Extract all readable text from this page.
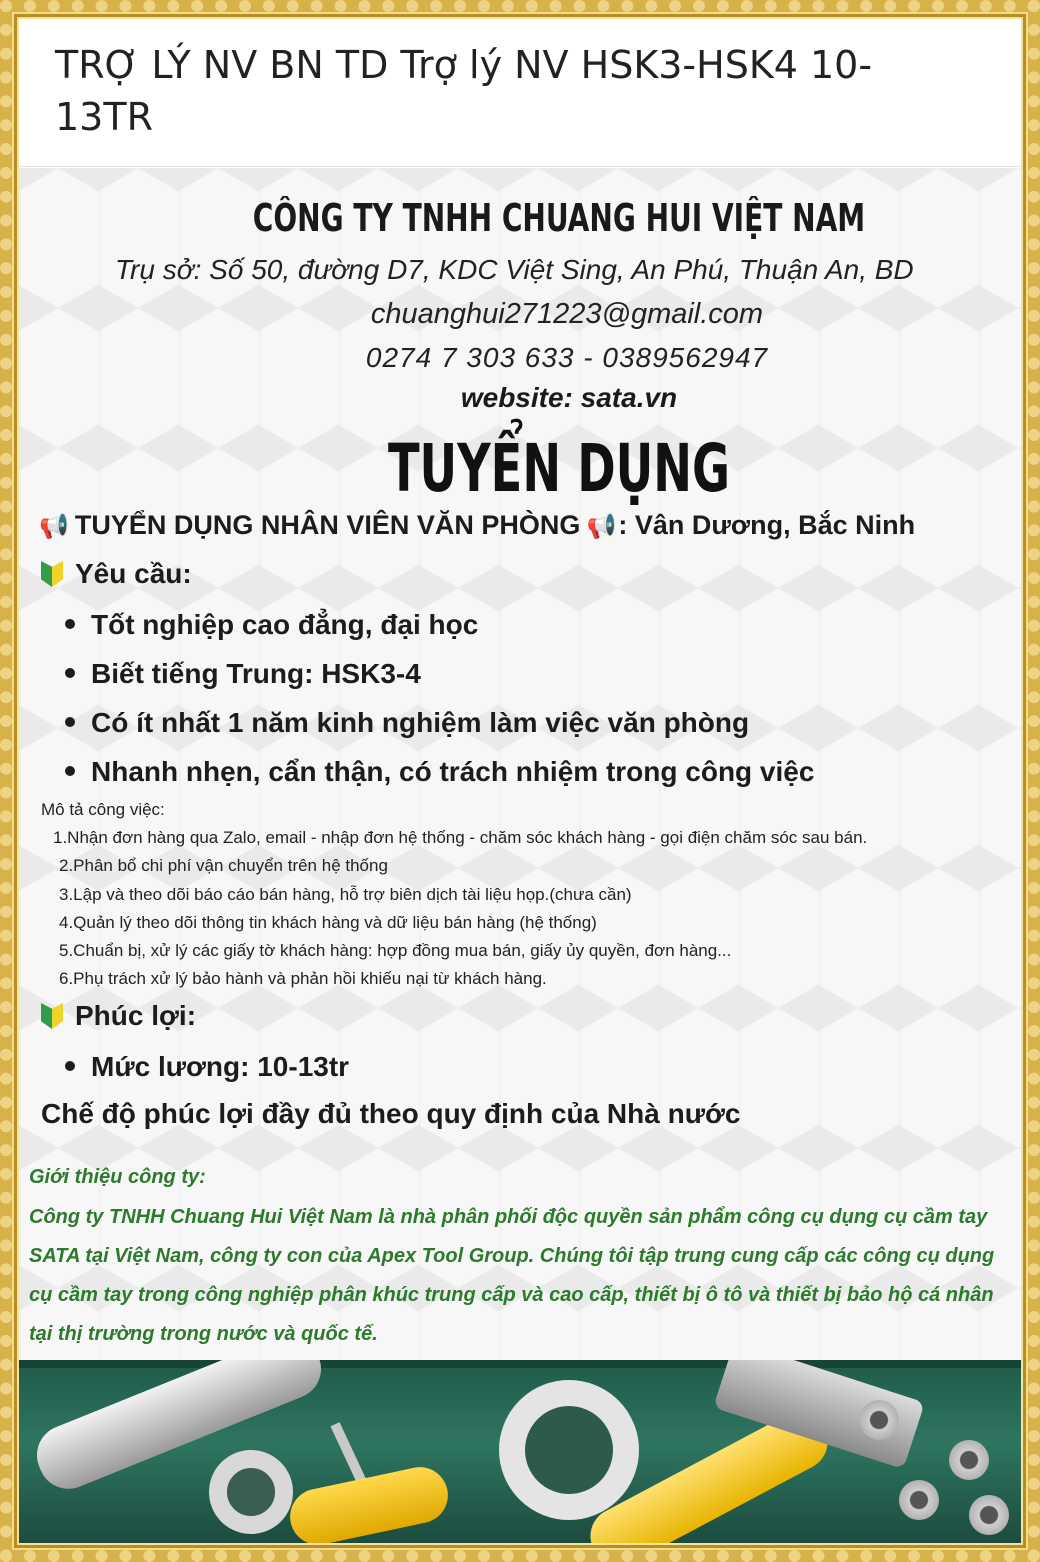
TRỢ LÝ NV BN TD Trợ lý NV HSK3-HSK4 10-13TR
CÔNG TY TNHH CHUANG HUI VIỆT NAM
Trụ sở: Số 50, đường D7, KDC Việt Sing, An Phú, Thuận An, BD
chuanghui271223@gmail.com
0274 7 303 633 - 0389562947
website: sata.vn
TUYỂN DỤNG
📢 TUYỂN DỤNG NHÂN VIÊN VĂN PHÒNG 📢: Vân Dương, Bắc Ninh
Yêu cầu:
Tốt nghiệp cao đẳng, đại học
Biết tiếng Trung: HSK3-4
Có ít nhất 1 năm kinh nghiệm làm việc văn phòng
Nhanh nhẹn, cẩn thận, có trách nhiệm trong công việc
Mô tả công việc:
1.Nhận đơn hàng qua Zalo, email - nhập đơn hệ thống - chăm sóc khách hàng - gọi điện chăm sóc sau bán.
2.Phân bổ chi phí vận chuyển trên hệ thống
3.Lập và theo dõi báo cáo bán hàng, hỗ trợ biên dịch tài liệu họp.(chưa cần)
4.Quản lý theo dõi thông tin khách hàng và dữ liệu bán hàng (hệ thống)
5.Chuẩn bị, xử lý các giấy tờ khách hàng: hợp đồng mua bán, giấy ủy quyền, đơn hàng...
6.Phụ trách xử lý bảo hành và phản hồi khiếu nại từ khách hàng.
Phúc lợi:
Mức lương: 10-13tr
Chế độ phúc lợi đầy đủ theo quy định của Nhà nước
Giới thiệu công ty:
Công ty TNHH Chuang Hui Việt Nam là nhà phân phối độc quyền sản phẩm công cụ dụng cụ cầm tay SATA tại Việt Nam, công ty con của Apex Tool Group. Chúng tôi tập trung cung cấp các công cụ dụng cụ cầm tay trong công nghiệp phân khúc trung cấp và cao cấp, thiết bị ô tô và thiết bị bảo hộ cá nhân tại thị trường trong nước và quốc tế.
